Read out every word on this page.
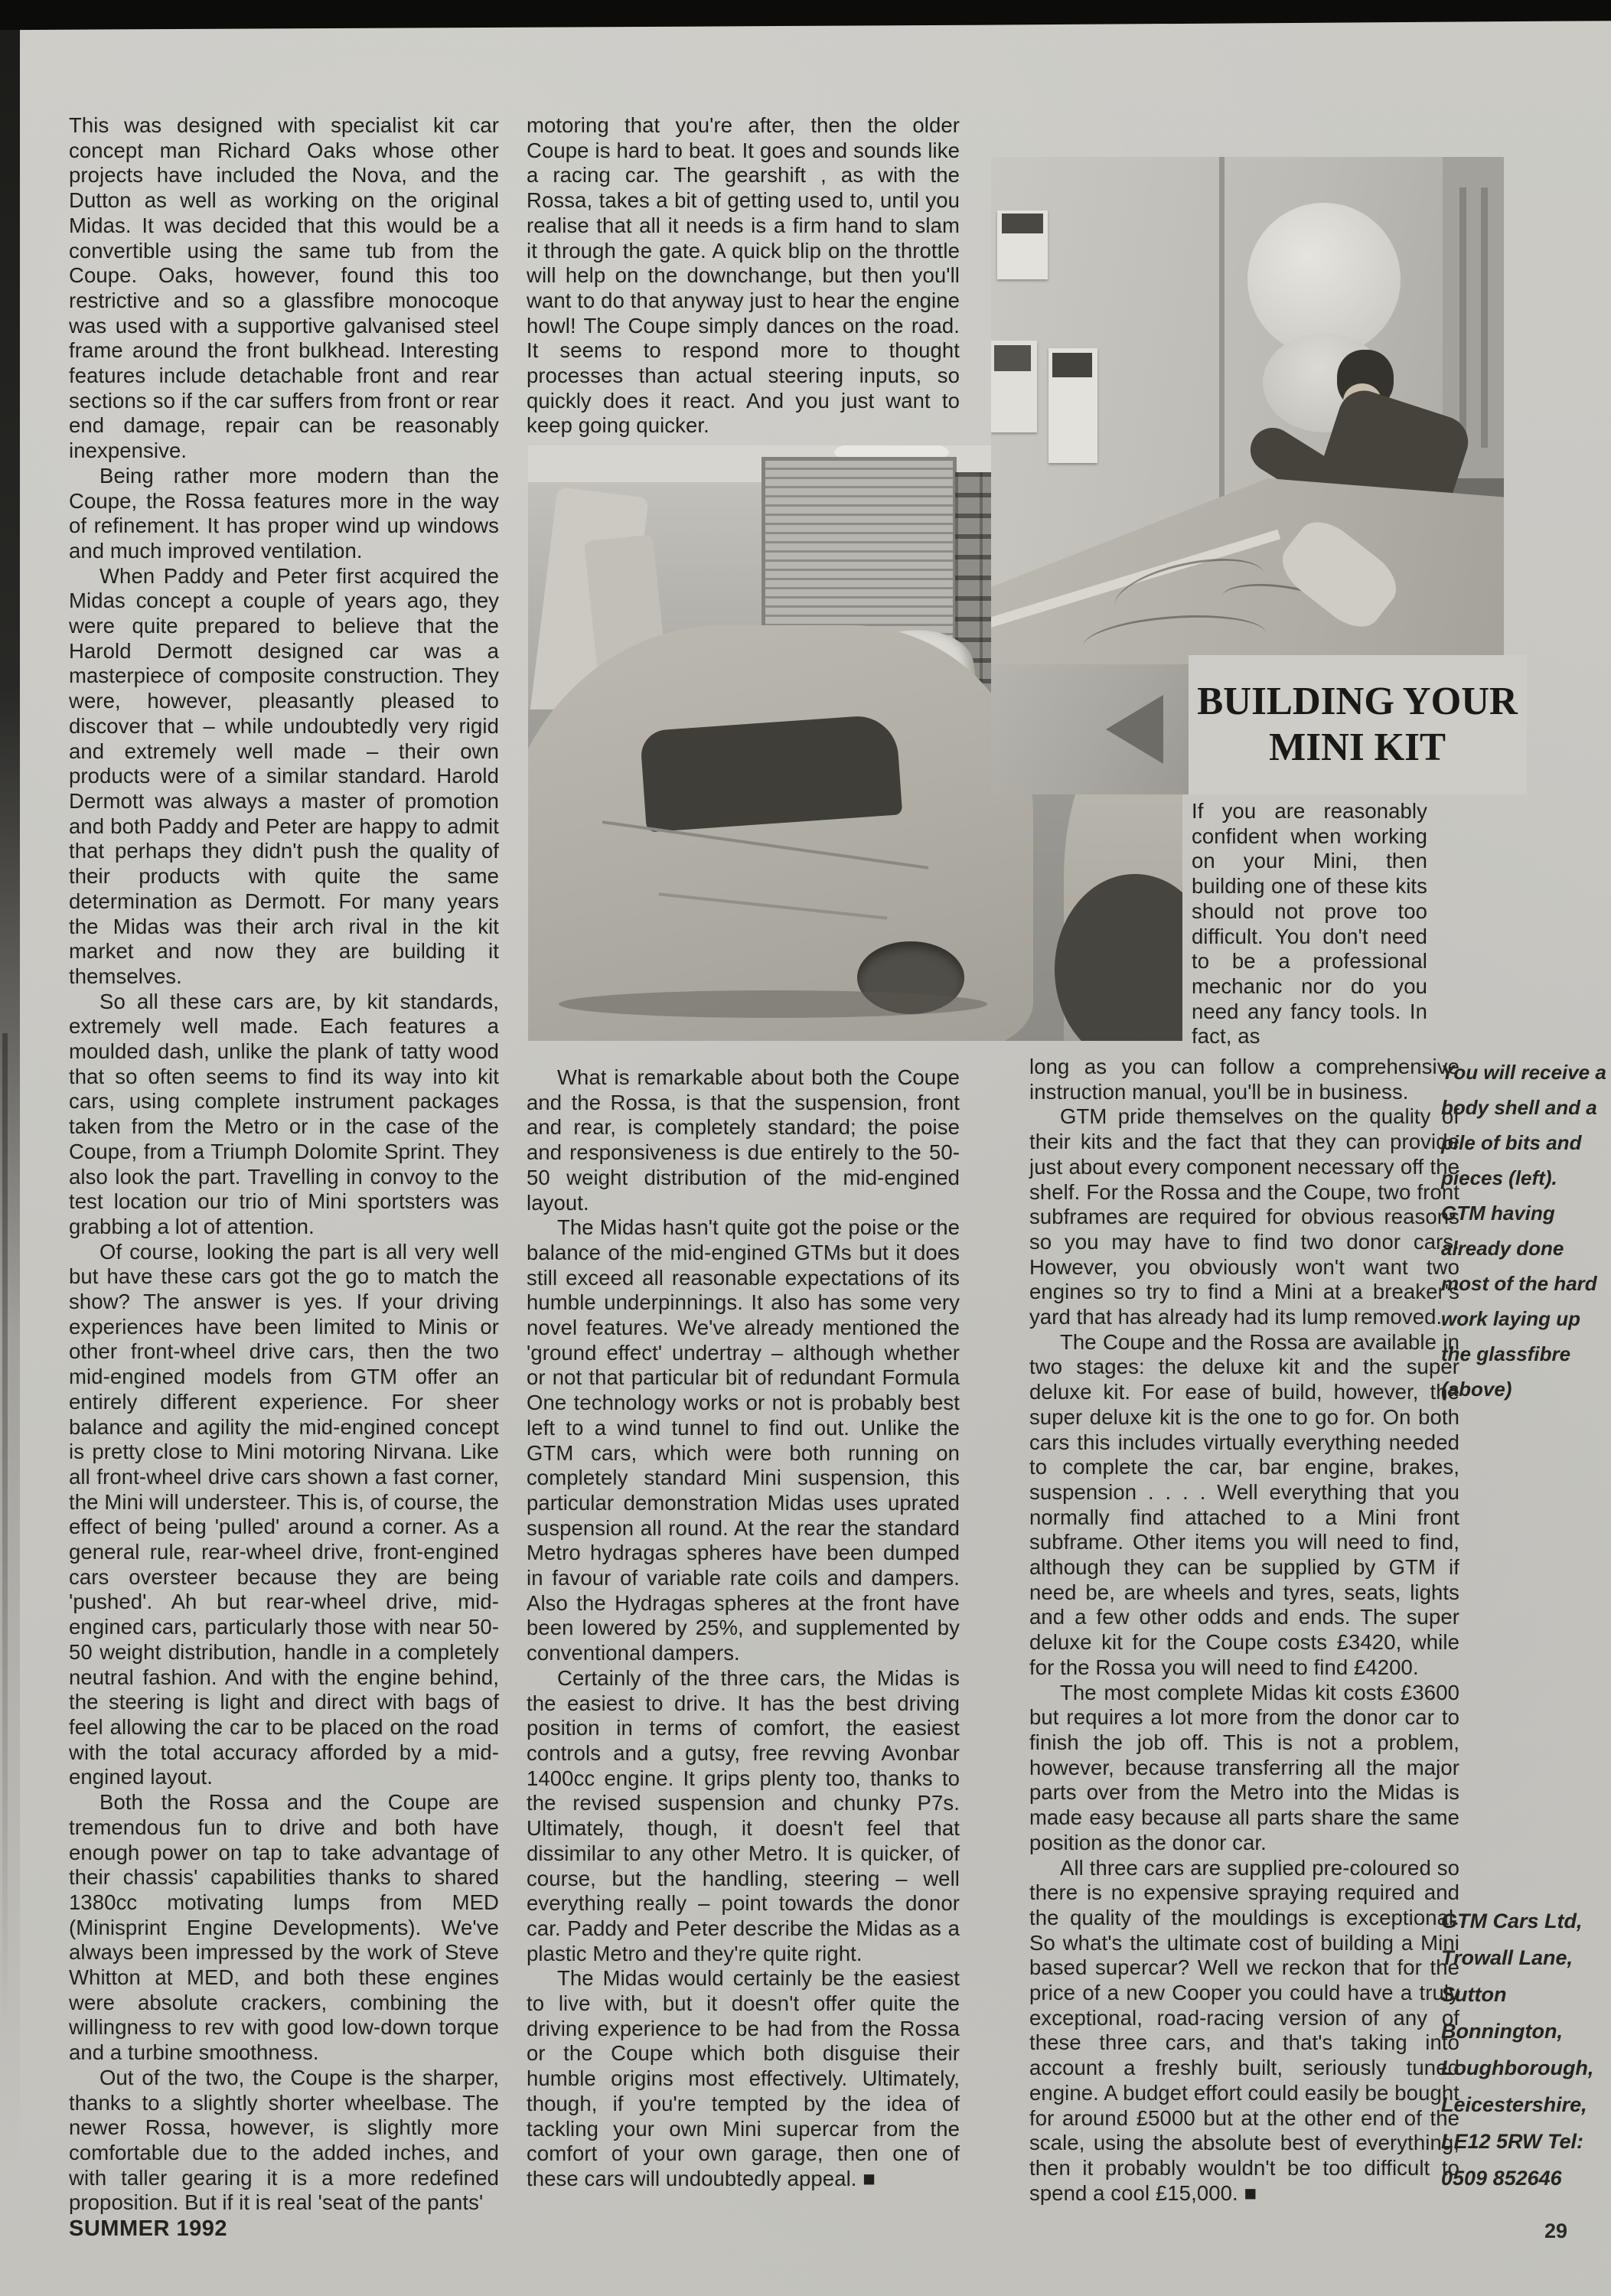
This was designed with specialist kit car concept man Richard Oaks whose other projects have included the Nova, and the Dutton as well as working on the original Midas. It was decided that this would be a convertible using the same tub from the Coupe. Oaks, however, found this too restrictive and so a glassfibre monocoque was used with a supportive galvanised steel frame around the front bulkhead. Interesting features include detachable front and rear sections so if the car suffers from front or rear end damage, repair can be reasonably inexpensive.

Being rather more modern than the Coupe, the Rossa features more in the way of refinement. It has proper wind up windows and much improved ventilation.

When Paddy and Peter first acquired the Midas concept a couple of years ago, they were quite prepared to believe that the Harold Dermott designed car was a masterpiece of composite construction. They were, however, pleasantly pleased to discover that – while undoubtedly very rigid and extremely well made – their own products were of a similar standard. Harold Dermott was always a master of promotion and both Paddy and Peter are happy to admit that perhaps they didn't push the quality of their products with quite the same determination as Dermott. For many years the Midas was their arch rival in the kit market and now they are building it themselves.

So all these cars are, by kit standards, extremely well made. Each features a moulded dash, unlike the plank of tatty wood that so often seems to find its way into kit cars, using complete instrument packages taken from the Metro or in the case of the Coupe, from a Triumph Dolomite Sprint. They also look the part. Travelling in convoy to the test location our trio of Mini sportsters was grabbing a lot of attention.

Of course, looking the part is all very well but have these cars got the go to match the show? The answer is yes. If your driving experiences have been limited to Minis or other front-wheel drive cars, then the two mid-engined models from GTM offer an entirely different experience. For sheer balance and agility the mid-engined concept is pretty close to Mini motoring Nirvana. Like all front-wheel drive cars shown a fast corner, the Mini will understeer. This is, of course, the effect of being 'pulled' around a corner. As a general rule, rear-wheel drive, front-engined cars oversteer because they are being 'pushed'. Ah but rear-wheel drive, mid-engined cars, particularly those with near 50-50 weight distribution, handle in a completely neutral fashion. And with the engine behind, the steering is light and direct with bags of feel allowing the car to be placed on the road with the total accuracy afforded by a mid-engined layout.

Both the Rossa and the Coupe are tremendous fun to drive and both have enough power on tap to take advantage of their chassis' capabilities thanks to shared 1380cc motivating lumps from MED (Minisprint Engine Developments). We've always been impressed by the work of Steve Whitton at MED, and both these engines were absolute crackers, combining the willingness to rev with good low-down torque and a turbine smoothness.

Out of the two, the Coupe is the sharper, thanks to a slightly shorter wheelbase. The newer Rossa, however, is slightly more comfortable due to the added inches, and with taller gearing it is a more redefined proposition. But if it is real 'seat of the pants'

motoring that you're after, then the older Coupe is hard to beat. It goes and sounds like a racing car. The gearshift , as with the Rossa, takes a bit of getting used to, until you realise that all it needs is a firm hand to slam it through the gate. A quick blip on the throttle will help on the downchange, but then you'll want to do that anyway just to hear the engine howl! The Coupe simply dances on the road. It seems to respond more to thought processes than actual steering inputs, so quickly does it react. And you just want to keep going quicker.

What is remarkable about both the Coupe and the Rossa, is that the suspension, front and rear, is completely standard; the poise and responsiveness is due entirely to the 50-50 weight distribution of the mid-engined layout.

The Midas hasn't quite got the poise or the balance of the mid-engined GTMs but it does still exceed all reasonable expectations of its humble underpinnings. It also has some very novel features. We've already mentioned the 'ground effect' undertray – although whether or not that particular bit of redundant Formula One technology works or not is probably best left to a wind tunnel to find out. Unlike the GTM cars, which were both running on completely standard Mini suspension, this particular demonstration Midas uses uprated suspension all round. At the rear the standard Metro hydragas spheres have been dumped in favour of variable rate coils and dampers. Also the Hydragas spheres at the front have been lowered by 25%, and supplemented by conventional dampers.

Certainly of the three cars, the Midas is the easiest to drive. It has the best driving position in terms of comfort, the easiest controls and a gutsy, free revving Avonbar 1400cc engine. It grips plenty too, thanks to the revised suspension and chunky P7s. Ultimately, though, it doesn't feel that dissimilar to any other Metro. It is quicker, of course, but the handling, steering – well everything really – point towards the donor car. Paddy and Peter describe the Midas as a plastic Metro and they're quite right.

The Midas would certainly be the easiest to live with, but it doesn't offer quite the driving experience to be had from the Rossa or the Coupe which both disguise their humble origins most effectively. Ultimately, though, if you're tempted by the idea of tackling your own Mini supercar from the comfort of your own garage, then one of these cars will undoubtedly appeal. ■

If you are reasonably confident when working on your Mini, then building one of these kits should not prove too difficult. You don't need to be a professional mechanic nor do you need any fancy tools. In fact, as

long as you can follow a comprehensive instruction manual, you'll be in business.

GTM pride themselves on the quality of their kits and the fact that they can provide just about every component necessary off the shelf. For the Rossa and the Coupe, two front subframes are required for obvious reasons so you may have to find two donor cars. However, you obviously won't want two engines so try to find a Mini at a breaker's yard that has already had its lump removed.

The Coupe and the Rossa are available in two stages: the deluxe kit and the super deluxe kit. For ease of build, however, the super deluxe kit is the one to go for. On both cars this includes virtually everything needed to complete the car, bar engine, brakes, suspension . . . . Well everything that you normally find attached to a Mini front subframe. Other items you will need to find, although they can be supplied by GTM if need be, are wheels and tyres, seats, lights and a few other odds and ends. The super deluxe kit for the Coupe costs £3420, while for the Rossa you will need to find £4200.

The most complete Midas kit costs £3600 but requires a lot more from the donor car to finish the job off. This is not a problem, however, because transferring all the major parts over from the Metro into the Midas is made easy because all parts share the same position as the donor car.

All three cars are supplied pre-coloured so there is no expensive spraying required and the quality of the mouldings is exceptional. So what's the ultimate cost of building a Mini based supercar? Well we reckon that for the price of a new Cooper you could have a truly exceptional, road-racing version of any of these three cars, and that's taking into account a freshly built, seriously tuned engine. A budget effort could easily be bought for around £5000 but at the other end of the scale, using the absolute best of everything, then it probably wouldn't be too difficult to spend a cool £15,000. ■

BUILDING YOUR
MINI KIT
You will receive a
body shell and a
pile of bits and
pieces (left).
GTM having
already done
most of the hard
work laying up
the glassfibre
(above)
GTM Cars Ltd,
Trowall Lane,
Sutton
Bonnington,
Loughborough,
Leicestershire,
LE12 5RW Tel:
0509 852646
SUMMER 1992	29
